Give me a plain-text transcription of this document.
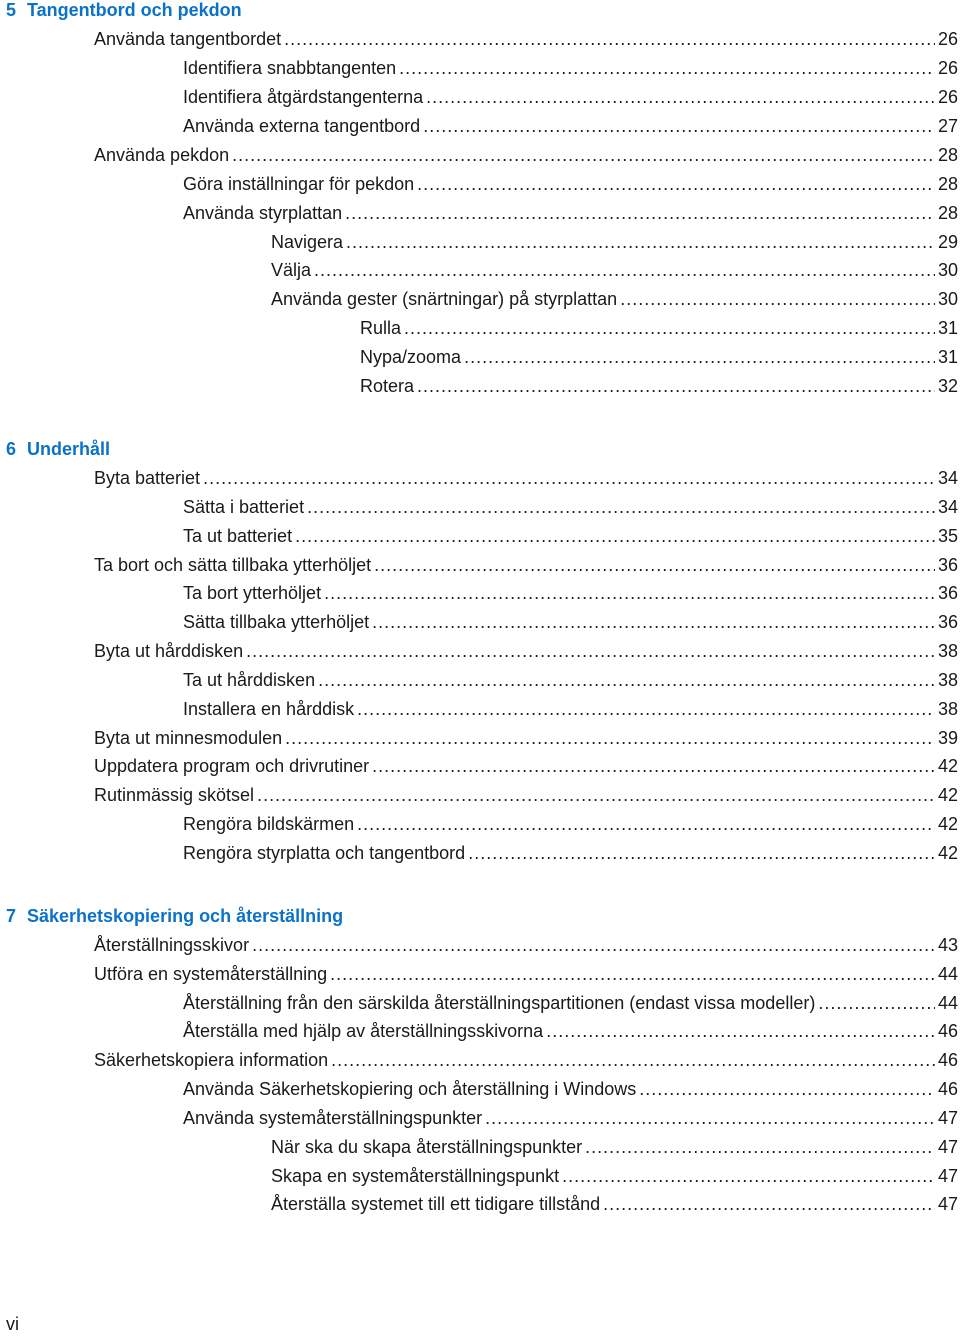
5 Tangentbord och pekdon
Använda tangentbordet .....	26
Identifiera snabbtangenten .....	26
Identifiera åtgärdstangenterna .....	26
Använda externa tangentbord .....	27
Använda pekdon .....	28
Göra inställningar för pekdon .....	28
Använda styrplattan .....	28
Navigera .....	29
Välja .....	30
Använda gester (snärtningar) på styrplattan .....	30
Rulla .....	31
Nypa/zooma .....	31
Rotera .....	32
6 Underhåll
Byta batteriet .....	34
Sätta i batteriet .....	34
Ta ut batteriet .....	35
Ta bort och sätta tillbaka ytterhöljet .....	36
Ta bort ytterhöljet .....	36
Sätta tillbaka ytterhöljet .....	36
Byta ut hårddisken .....	38
Ta ut hårddisken .....	38
Installera en hårddisk .....	38
Byta ut minnesmodulen .....	39
Uppdatera program och drivrutiner .....	42
Rutinmässig skötsel .....	42
Rengöra bildskärmen .....	42
Rengöra styrplatta och tangentbord .....	42
7 Säkerhetskopiering och återställning
Återställningsskivor .....	43
Utföra en systemåterställning .....	44
Återställning från den särskilda återställningspartitionen (endast vissa modeller) .....	44
Återställa med hjälp av återställningsskivorna .....	46
Säkerhetskopiera information .....	46
Använda Säkerhetskopiering och återställning i Windows .....	46
Använda systemåterställningspunkter .....	47
När ska du skapa återställningspunkter .....	47
Skapa en systemåterställningspunkt .....	47
Återställa systemet till ett tidigare tillstånd .....	47
vi
